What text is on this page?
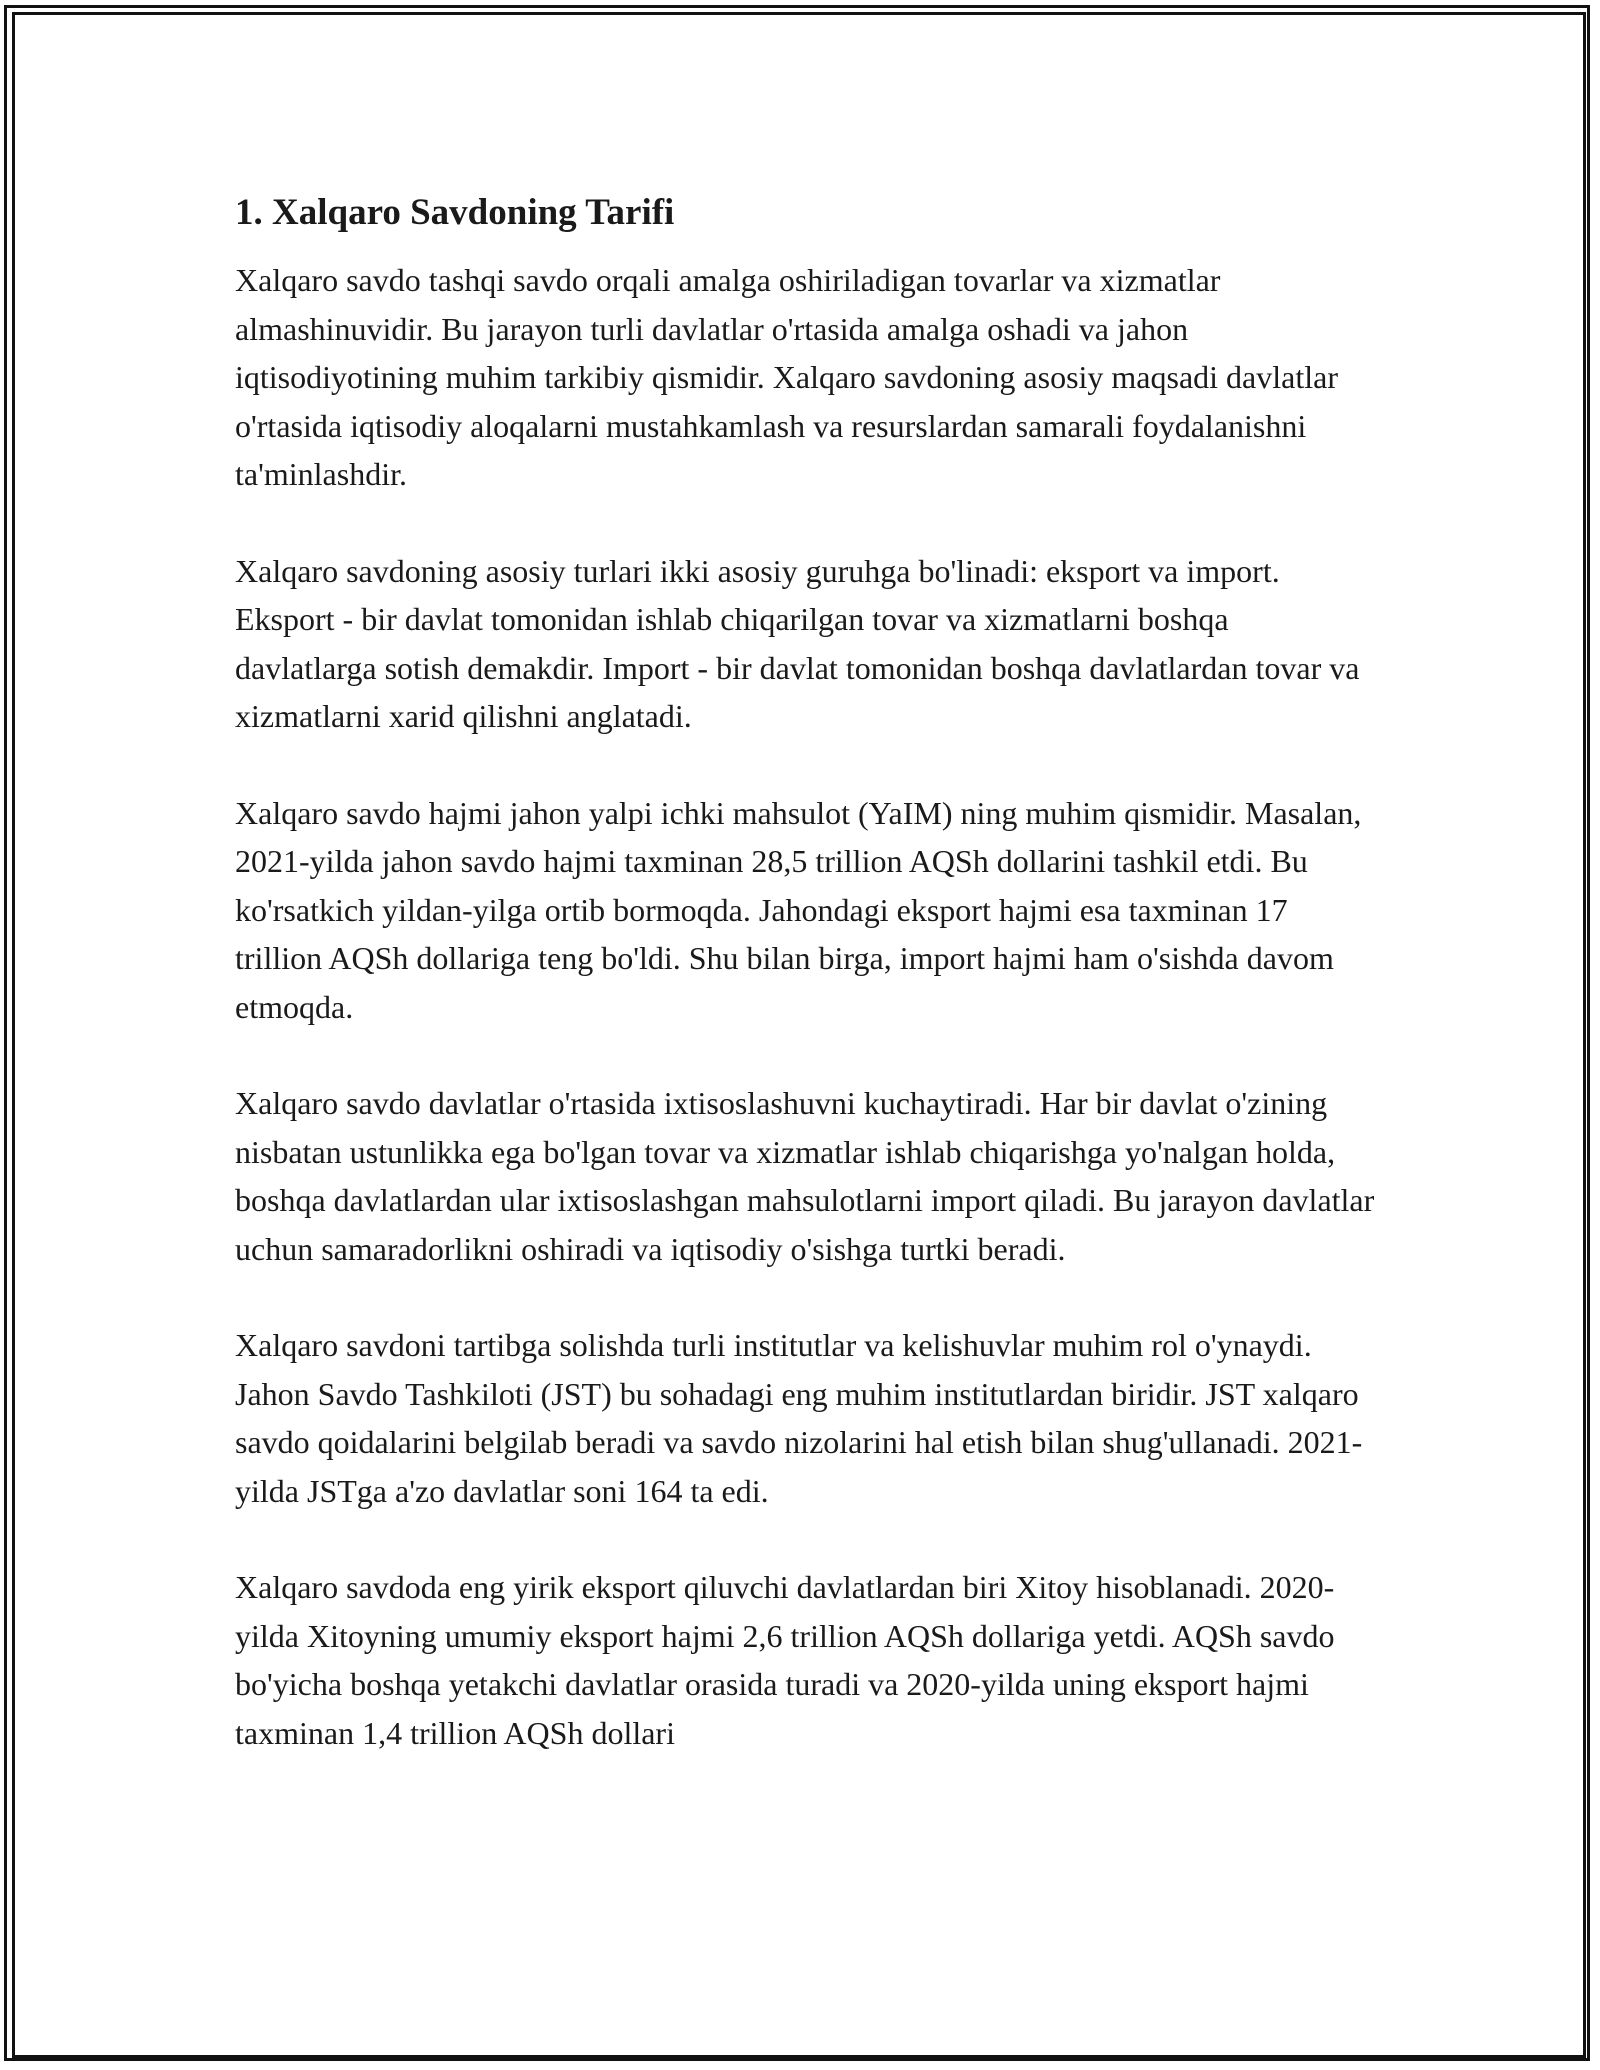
1. Xalqaro Savdoning Tarifi

Xalqaro savdo tashqi savdo orqali amalga oshiriladigan tovarlar va xizmatlar almashinuvidir. Bu jarayon turli davlatlar o'rtasida amalga oshadi va jahon iqtisodiyotining muhim tarkibiy qismidir. Xalqaro savdoning asosiy maqsadi davlatlar o'rtasida iqtisodiy aloqalarni mustahkamlash va resurslardan samarali foydalanishni ta'minlashdir.

Xalqaro savdoning asosiy turlari ikki asosiy guruhga bo'linadi: eksport va import. Eksport - bir davlat tomonidan ishlab chiqarilgan tovar va xizmatlarni boshqa davlatlarga sotish demakdir. Import - bir davlat tomonidan boshqa davlatlardan tovar va xizmatlarni xarid qilishni anglatadi.

Xalqaro savdo hajmi jahon yalpi ichki mahsulot (YaIM) ning muhim qismidir. Masalan, 2021-yilda jahon savdo hajmi taxminan 28,5 trillion AQSh dollarini tashkil etdi. Bu ko'rsatkich yildan-yilga ortib bormoqda. Jahondagi eksport hajmi esa taxminan 17 trillion AQSh dollariga teng bo'ldi. Shu bilan birga, import hajmi ham o'sishda davom etmoqda.

Xalqaro savdo davlatlar o'rtasida ixtisoslashuvni kuchaytiradi. Har bir davlat o'zining nisbatan ustunlikka ega bo'lgan tovar va xizmatlar ishlab chiqarishga yo'nalgan holda, boshqa davlatlardan ular ixtisoslashgan mahsulotlarni import qiladi. Bu jarayon davlatlar uchun samaradorlikni oshiradi va iqtisodiy o'sishga turtki beradi.

Xalqaro savdoni tartibga solishda turli institutlar va kelishuvlar muhim rol o'ynaydi. Jahon Savdo Tashkiloti (JST) bu sohadagi eng muhim institutlardan biridir. JST xalqaro savdo qoidalarini belgilab beradi va savdo nizolarini hal etish bilan shug'ullanadi. 2021-yilda JSTga a'zo davlatlar soni 164 ta edi.

Xalqaro savdoda eng yirik eksport qiluvchi davlatlardan biri Xitoy hisoblanadi. 2020-yilda Xitoyning umumiy eksport hajmi 2,6 trillion AQSh dollariga yetdi. AQSh savdo bo'yicha boshqa yetakchi davlatlar orasida turadi va 2020-yilda uning eksport hajmi taxminan 1,4 trillion AQSh dollari
